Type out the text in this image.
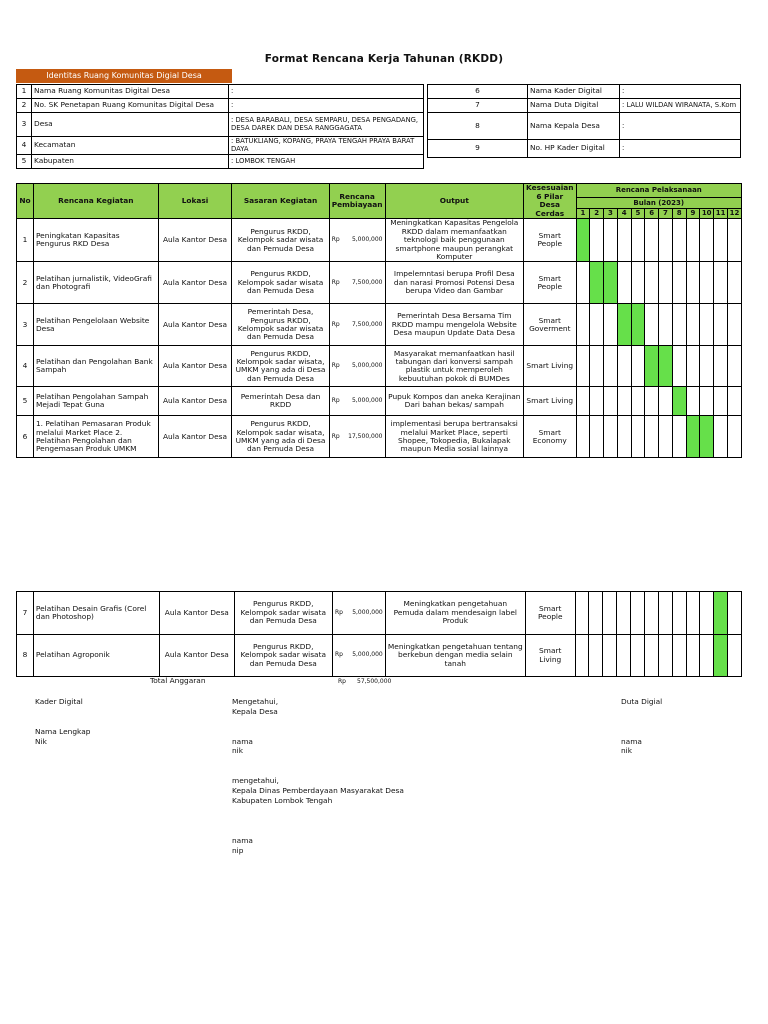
Format Rencana Kerja Tahunan (RKDD)
Identitas Ruang Komunitas Digial Desa
1	Nama Ruang Komunitas Digital Desa	:
2	No. SK Penetapan Ruang Komunitas Digital Desa	:
3	Desa	: DESA BARABALI, DESA SEMPARU, DESA PENGADANG, DESA DAREK DAN DESA RANGGAGATA
4	Kecamatan	: BATUKLIANG, KOPANG, PRAYA TENGAH PRAYA BARAT DAYA
5	Kabupaten	: LOMBOK TENGAH
6	Nama Kader Digital	:
7	Nama Duta Digital	: LALU WILDAN WIRANATA, S.Kom
8	Nama Kepala Desa	:
9	No. HP Kader Digital	:
No	Rencana Kegiatan	Lokasi	Sasaran Kegiatan	Rencana Pembiayaan	Output	Kesesuaian 6 Pilar Desa Cerdas	Rencana Pelaksanaan											
							Bulan (2023)											
							1	2	3	4	5	6	7	8	9	10	11	12
1	Peningkatan Kapasitas Pengurus RKD Desa	Aula Kantor Desa	Pengurus RKDD, Kelompok sadar wisata dan Pemuda Desa	Rp 5,000,000	Meningkatkan Kapasitas Pengelola RKDD dalam memanfaatkan teknologi baik penggunaan smartphone maupun perangkat Komputer	Smart People												
2	Pelatihan jurnalistik, VideoGrafi dan Photografi	Aula Kantor Desa	Pengurus RKDD, Kelompok sadar wisata dan Pemuda Desa	Rp 7,500,000	Impelemntasi berupa Profil Desa dan narasi Promosi Potensi Desa berupa Video dan Gambar	Smart People												
3	Pelatihan Pengelolaan Website Desa	Aula Kantor Desa	Pemerintah Desa, Pengurus RKDD, Kelompok sadar wisata dan Pemuda Desa	Rp 7,500,000	Pemerintah Desa Bersama Tim RKDD mampu mengelola Website Desa maupun Update Data Desa	Smart Goverment												
4	Pelatihan dan Pengolahan Bank Sampah	Aula Kantor Desa	Pengurus RKDD, Kelompok sadar wisata, UMKM yang ada di Desa dan Pemuda Desa	Rp 5,000,000	Masyarakat memanfaatkan hasil tabungan dari konversi sampah plastik untuk memperoleh kebuutuhan pokok di BUMDes	Smart Living												
5	Pelatihan Pengolahan Sampah Mejadi Tepat Guna	Aula Kantor Desa	Pemerintah Desa dan RKDD	Rp 5,000,000	Pupuk Kompos dan aneka Kerajinan Dari bahan bekas/ sampah	Smart Living												
6	1. Pelatihan Pemasaran Produk melalui Market Place 2. Pelatihan Pengolahan dan Pengemasan Produk UMKM	Aula Kantor Desa	Pengurus RKDD, Kelompok sadar wisata, UMKM yang ada di Desa dan Pemuda Desa	Rp 17,500,000	implementasi berupa bertransaksi melalui Market Place, seperti Shopee, Tokopedia, Bukalapak maupun Media sosial lainnya	Smart Economy												
7	Pelatihan Desain Grafis (Corel dan Photoshop)	Aula Kantor Desa	Pengurus RKDD, Kelompok sadar wisata dan Pemuda Desa	Rp 5,000,000	Meningkatkan pengetahuan Pemuda dalam mendesaign label Produk	Smart People												
8	Pelatihan Agroponik	Aula Kantor Desa	Pengurus RKDD, Kelompok sadar wisata dan Pemuda Desa	Rp 5,000,000	Meningkatkan pengetahuan tentang berkebun dengan media selain tanah	Smart Living												
Total Anggaran	Rp 57,500,000
Kader Digital
Nama Lengkap
Nik
Mengetahui,
Kepala Desa
nama
nik
Duta Digial
nama
nik
mengetahui,
Kepala Dinas Pemberdayaan Masyarakat Desa
Kabupaten Lombok Tengah
nama
nip
